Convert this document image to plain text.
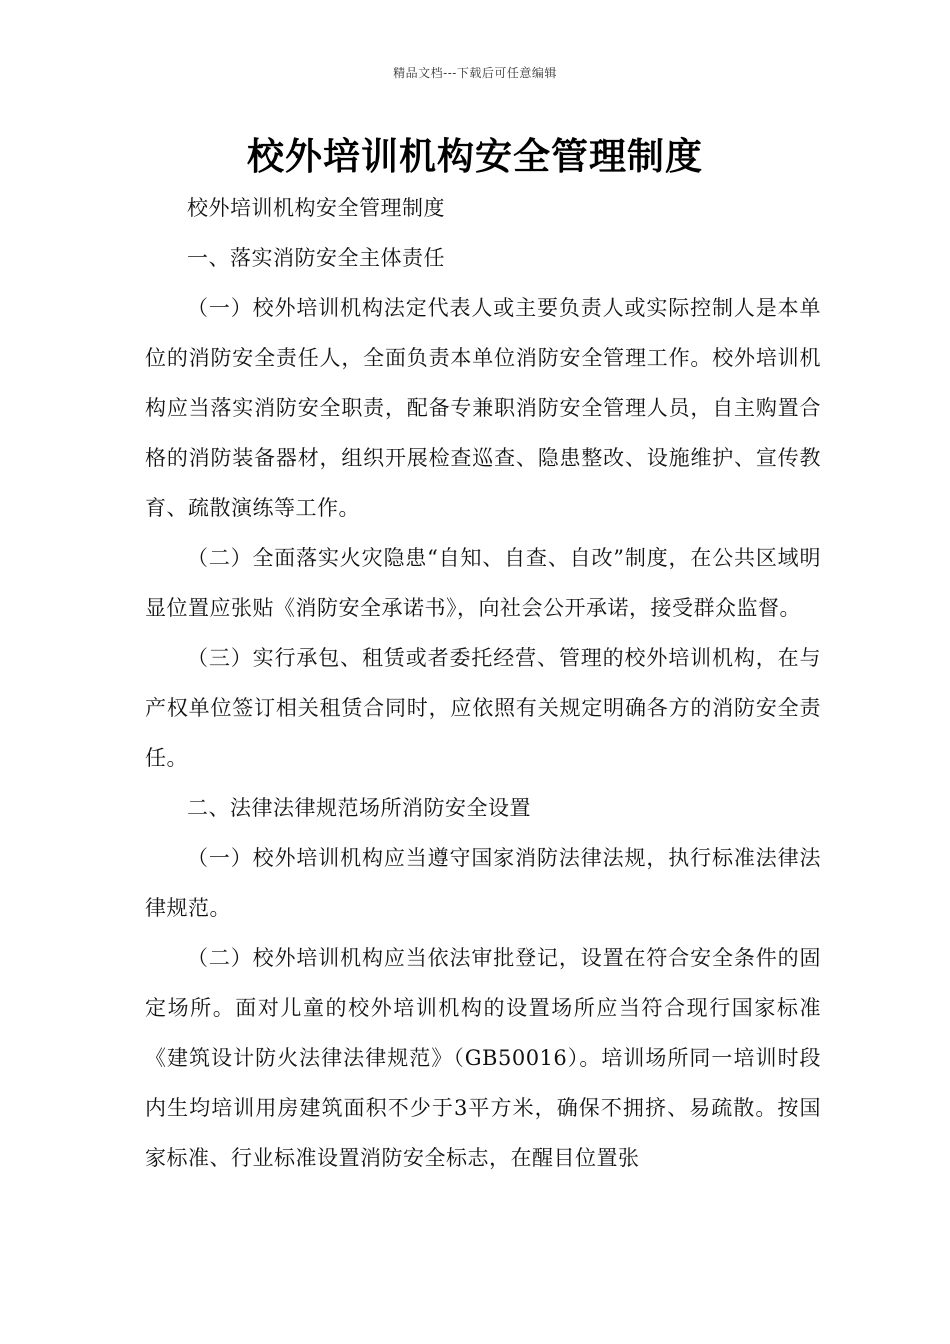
精品文档---下载后可任意编辑
校外培训机构安全管理制度

校外培训机构安全管理制度

一、落实消防安全主体责任

（一）校外培训机构法定代表人或主要负责人或实际控制人是本单位的消防安全责任人，全面负责本单位消防安全管理工作。校外培训机构应当落实消防安全职责，配备专兼职消防安全管理人员，自主购置合格的消防装备器材，组织开展检查巡查、隐患整改、设施维护、宣传教育、疏散演练等工作。

（二）全面落实火灾隐患“自知、自查、自改”制度，在公共区域明显位置应张贴《消防安全承诺书》，向社会公开承诺，接受群众监督。

（三）实行承包、租赁或者委托经营、管理的校外培训机构，在与产权单位签订相关租赁合同时，应依照有关规定明确各方的消防安全责任。

二、法律法律规范场所消防安全设置

（一）校外培训机构应当遵守国家消防法律法规，执行标准法律法律规范。

（二）校外培训机构应当依法审批登记，设置在符合安全条件的固定场所。面对儿童的校外培训机构的设置场所应当符合现行国家标准《建筑设计防火法律法律规范》（GB50016）。培训场所同一培训时段内生均培训用房建筑面积不少于3平方米，确保不拥挤、易疏散。按国家标准、行业标准设置消防安全标志，在醒目位置张
